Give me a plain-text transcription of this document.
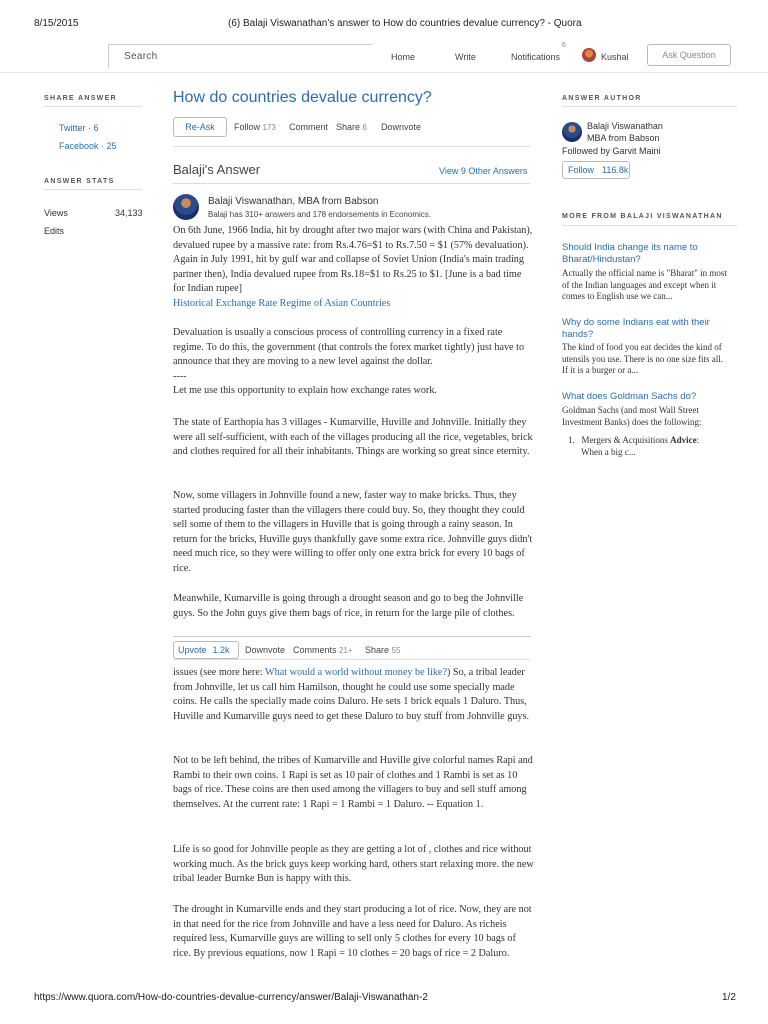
8/15/2015	(6) Balaji Viswanathan's answer to How do countries devalue currency? - Quora
Search	Home	Write	Notifications
6
Kushal	Ask Question
SHARE ANSWER
Twitter · 6
Facebook · 25
ANSWER STATS
Views	34,133
Edits
How do countries devalue currency?
Re-Ask	Follow 173 Comment Share 6 Downvote
Balaji's Answer	View 9 Other Answers
Balaji Viswanathan, MBA from Babson
Balaji has 310+ answers and 178 endorsements in Economics.
On 6th June, 1966 India, hit by drought after two major wars (with China and Pakistan), devalued rupee by a massive rate: from Rs.4.76=$1 to Rs.7.50 = $1 (57% devaluation). Again in July 1991, hit by gulf war and collapse of Soviet Union (India's main trading partner then), India devalued rupee from Rs.18=$1 to Rs.25 to $1. [June is a bad time for Indian rupee]
Historical Exchange Rate Regime of Asian Countries
Devaluation is usually a conscious process of controlling currency in a fixed rate regime. To do this, the government (that controls the forex market tightly) just have to announce that they are moving to a new level against the dollar.
----
Let me use this opportunity to explain how exchange rates work.
The state of Earthopia has 3 villages - Kumarville, Huville and Johnville. Initially they were all self-sufficient, with each of the villages producing all the rice, vegetables, brick and clothes required for all their inhabitants. Things are working so great since eternity.
Now, some villagers in Johnville found a new, faster way to make bricks. Thus, they started producing faster than the villagers there could buy. So, they thought they could sell some of them to the villagers in Huville that is going through a rainy season. In return for the bricks, Huville guys thankfully gave some extra rice. Johnville guys didn't need much rice, so they were willing to offer only one extra brick for every 10 bags of rice.
Meanwhile, Kumarville is going through a drought season and go to beg the Johnville guys. So the John guys give them bags of rice, in return for the large pile of clothes.
Upvote 1.2k	Downvote Comments 21+ Share 55
issues (see more here: What would a world without money be like?) So, a tribal leader from Johnville, let us call him Hamilson, thought he could use some specially made coins. He calls the specially made coins Daluro. He sets 1 brick equals 1 Daluro. Thus, Huville and Kumarville guys need to get these Daluro to buy stuff from Johnville guys.
Not to be left behind, the tribes of Kumarville and Huville give colorful names Rapi and Rambi to their own coins. 1 Rapi is set as 10 pair of clothes and 1 Rambi is set as 10 bags of rice. These coins are then used among the villagers to buy and sell stuff among themselves. At the current rate: 1 Rapi = 1 Rambi = 1 Daluro. -- Equation 1.
Life is so good for Johnville people as they are getting a lot of , clothes and rice without working much. As the brick guys keep working hard, others start relaxing more. the new tribal leader Burnke Bun is happy with this.
The drought in Kumarville ends and they start producing a lot of rice. Now, they are not in that need for the rice from Johnville and have a less need for Daluro. As richeis required less, Kumarville guys are willing to sell only 5 clothes for every 10 bags of rice. By previous equations, now 1 Rapi = 10 clothes = 20 bags of rice = 2 Daluro.
ANSWER AUTHOR
Balaji Viswanathan
MBA from Babson
Followed by Garvit Maini
Follow 116.8k
MORE FROM BALAJI VISWANATHAN
Should India change its name to Bharat/Hindustan?
Actually the official name is "Bharat" in most of the Indian languages and except when it comes to English use we can...
Why do some Indians eat with their hands?
The kind of food you eat decides the kind of utensils you use. There is no one size fits all. If it is a burger or a...
What does Goldman Sachs do?
Goldman Sachs (and most Wall Street Investment Banks) does the following:
1. Mergers & Acquisitions Advice:
When a big c...
https://www.quora.com/How-do-countries-devalue-currency/answer/Balaji-Viswanathan-2	1/2
